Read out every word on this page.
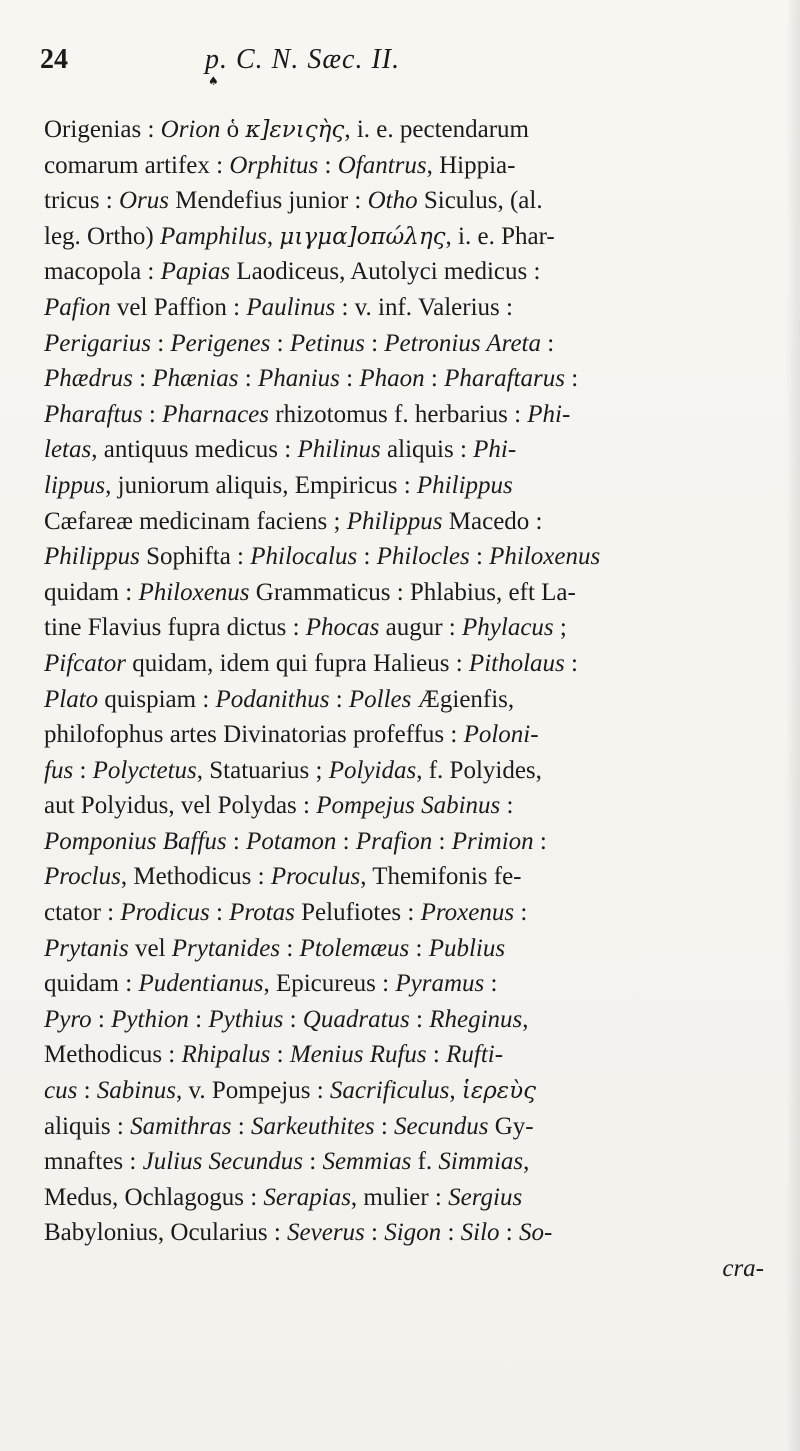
24	p. C. N. Sæc. II.
♠
Origenias : Orion ὁ κ]ενιςὴς, i. e. pectendarum
comarum artifex : Orphitus : Ofantrus, Hippia-
tricus : Orus Mendefius junior : Otho Siculus, (al.
leg. Ortho) Pamphilus, μιγμα]οπώλης, i. e. Phar-
macopola : Papias Laodiceus, Autolyci medicus :
Pafion vel Paffion : Paulinus : v. inf. Valerius :
Perigarius : Perigenes : Petinus : Petronius Areta :
Phædrus : Phænias : Phanius : Phaon : Pharaftarus :
Pharaftus : Pharnaces rhizotomus f. herbarius : Phi-
letas, antiquus medicus : Philinus aliquis : Phi-
lippus, juniorum aliquis, Empiricus : Philippus
Cæfareæ medicinam faciens ; Philippus Macedo :
Philippus Sophifta : Philocalus : Philocles : Philoxenus
quidam : Philoxenus Grammaticus : Phlabius, eft La-
tine Flavius fupra dictus : Phocas augur : Phylacus ;
Pifcator quidam, idem qui fupra Halieus : Pitholaus :
Plato quispiam : Podanithus : Polles Ægienfis,
philofophus artes Divinatorias profeffus : Poloni-
fus : Polyctetus, Statuarius ; Polyidas, f. Polyides,
aut Polyidus, vel Polydas : Pompejus Sabinus :
Pomponius Baffus : Potamon : Prafion : Primion :
Proclus, Methodicus : Proculus, Themifonis fe-
ctator : Prodicus : Protas Pelufiotes : Proxenus :
Prytanis vel Prytanides : Ptolemæus : Publius
quidam : Pudentianus, Epicureus : Pyramus :
Pyro : Pythion : Pythius : Quadratus : Rheginus,
Methodicus : Rhipalus : Menius Rufus : Rufti-
cus : Sabinus, v. Pompejus : Sacrificulus, ἱερεὺς
aliquis : Samithras : Sarkeuthites : Secundus Gy-
mnaftes : Julius Secundus : Semmias f. Simmias,
Medus, Ochlagogus : Serapias, mulier : Sergius
Babylonius, Ocularius : Severus : Sigon : Silo : So-
cra-
